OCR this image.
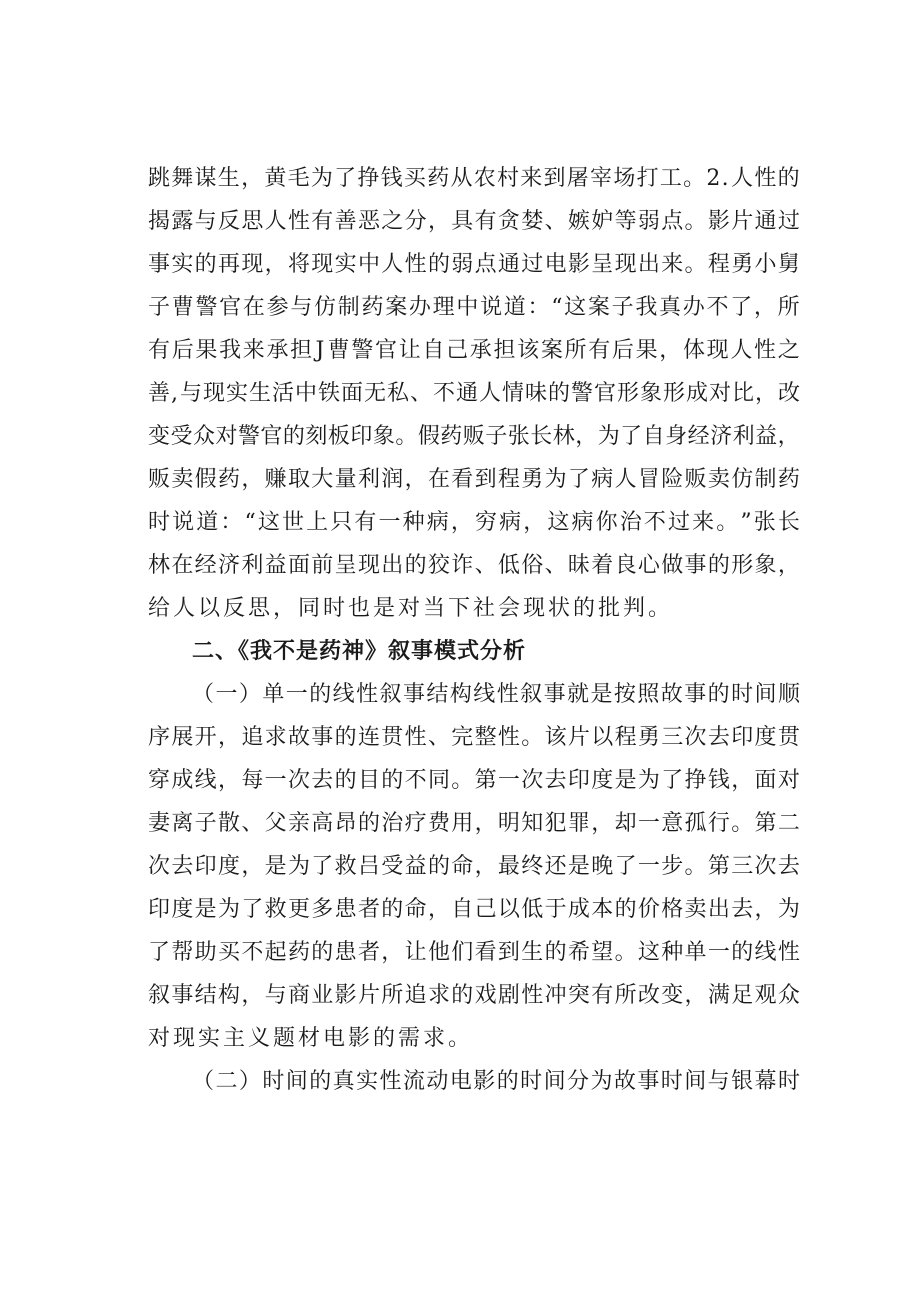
跳 舞 谋 生 ， 黄 毛 为 了 挣 钱 买 药 从 农 村 来 到 屠 宰 场 打 工 。 2 . 人 性 的
揭 露 与 反 思 人 性 有 善 恶 之 分 ， 具 有 贪 婪 、 嫉 妒 等 弱 点 。 影 片 通 过
事 实 的 再 现 ， 将 现 实 中 人 性 的 弱 点 通 过 电 影 呈 现 出 来 。 程 勇 小 舅
子 曹 警 官 在 参 与 仿 制 药 案 办 理 中 说 道 ： “ 这 案 子 我 真 办 不 了 ， 所
有 后 果 我 来 承 担 J 曹 警 官 让 自 己 承 担 该 案 所 有 后 果 ， 体 现 人 性 之
善 , 与 现 实 生 活 中 铁 面 无 私 、 不 通 人 情 味 的 警 官 形 象 形 成 对 比 ， 改
变 受 众 对 警 官 的 刻 板 印 象 。 假 药 贩 子 张 长 林 ， 为 了 自 身 经 济 利 益 ，
贩 卖 假 药 ， 赚 取 大 量 利 润 ， 在 看 到 程 勇 为 了 病 人 冒 险 贩 卖 仿 制 药
时 说 道 ： “ 这 世 上 只 有 一 种 病 ， 穷 病 ， 这 病 你 治 不 过 来 。 ” 张 长
林 在 经 济 利 益 面 前 呈 现 出 的 狡 诈 、 低 俗 、 昧 着 良 心 做 事 的 形 象 ，
给人以反思，同时也是对当下社会现状的批判。
二、《我不是药神》叙事模式分析
（ 一 ） 单 一 的 线 性 叙 事 结 构 线 性 叙 事 就 是 按 照 故 事 的 时 间 顺
序 展 开 ， 追 求 故 事 的 连 贯 性 、 完 整 性 。 该 片 以 程 勇 三 次 去 印 度 贯
穿 成 线 ， 每 一 次 去 的 目 的 不 同 。 第 一 次 去 印 度 是 为 了 挣 钱 ， 面 对
妻 离 子 散 、 父 亲 高 昂 的 治 疗 费 用 ， 明 知 犯 罪 ， 却 一 意 孤 行 。 第 二
次 去 印 度 ， 是 为 了 救 吕 受 益 的 命 ， 最 终 还 是 晚 了 一 步 。 第 三 次 去
印 度 是 为 了 救 更 多 患 者 的 命 ， 自 己 以 低 于 成 本 的 价 格 卖 出 去 ， 为
了 帮 助 买 不 起 药 的 患 者 ， 让 他 们 看 到 生 的 希 望 。 这 种 单 一 的 线 性
叙 事 结 构 ， 与 商 业 影 片 所 追 求 的 戏 剧 性 冲 突 有 所 改 变 ， 满 足 观 众
对现实主义题材电影的需求。
（ 二 ） 时 间 的 真 实 性 流 动 电 影 的 时 间 分 为 故 事 时 间 与 银 幕 时
